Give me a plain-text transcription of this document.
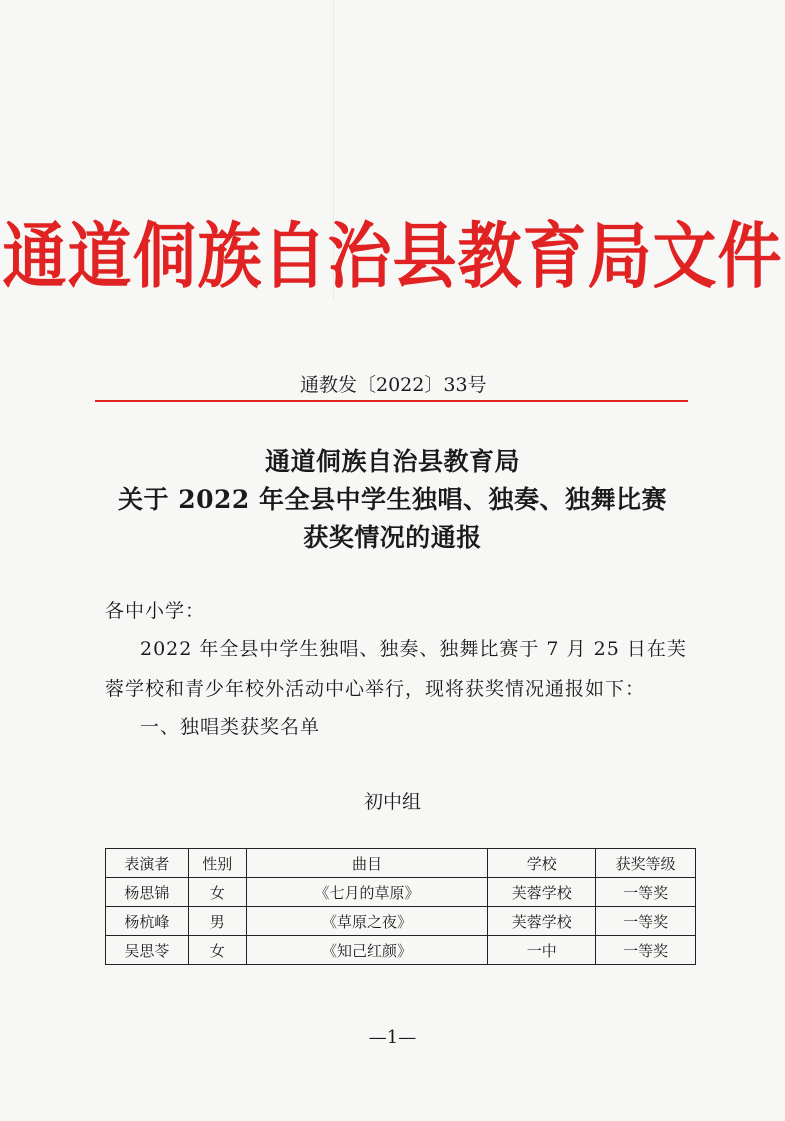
通道侗族自治县教育局文件
通教发〔2022〕33号
通道侗族自治县教育局
关于 2022 年全县中学生独唱、独奏、独舞比赛
获奖情况的通报
各中小学：
2022 年全县中学生独唱、独奏、独舞比赛于 7 月 25 日在芙
蓉学校和青少年校外活动中心举行，现将获奖情况通报如下：
一、独唱类获奖名单
初中组
表演者	性别	曲目	学校	获奖等级
杨思锦	女	《七月的草原》	芙蓉学校	一等奖
杨杭峰	男	《草原之夜》	芙蓉学校	一等奖
吴思苓	女	《知己红颜》	一中	一等奖
—1—
